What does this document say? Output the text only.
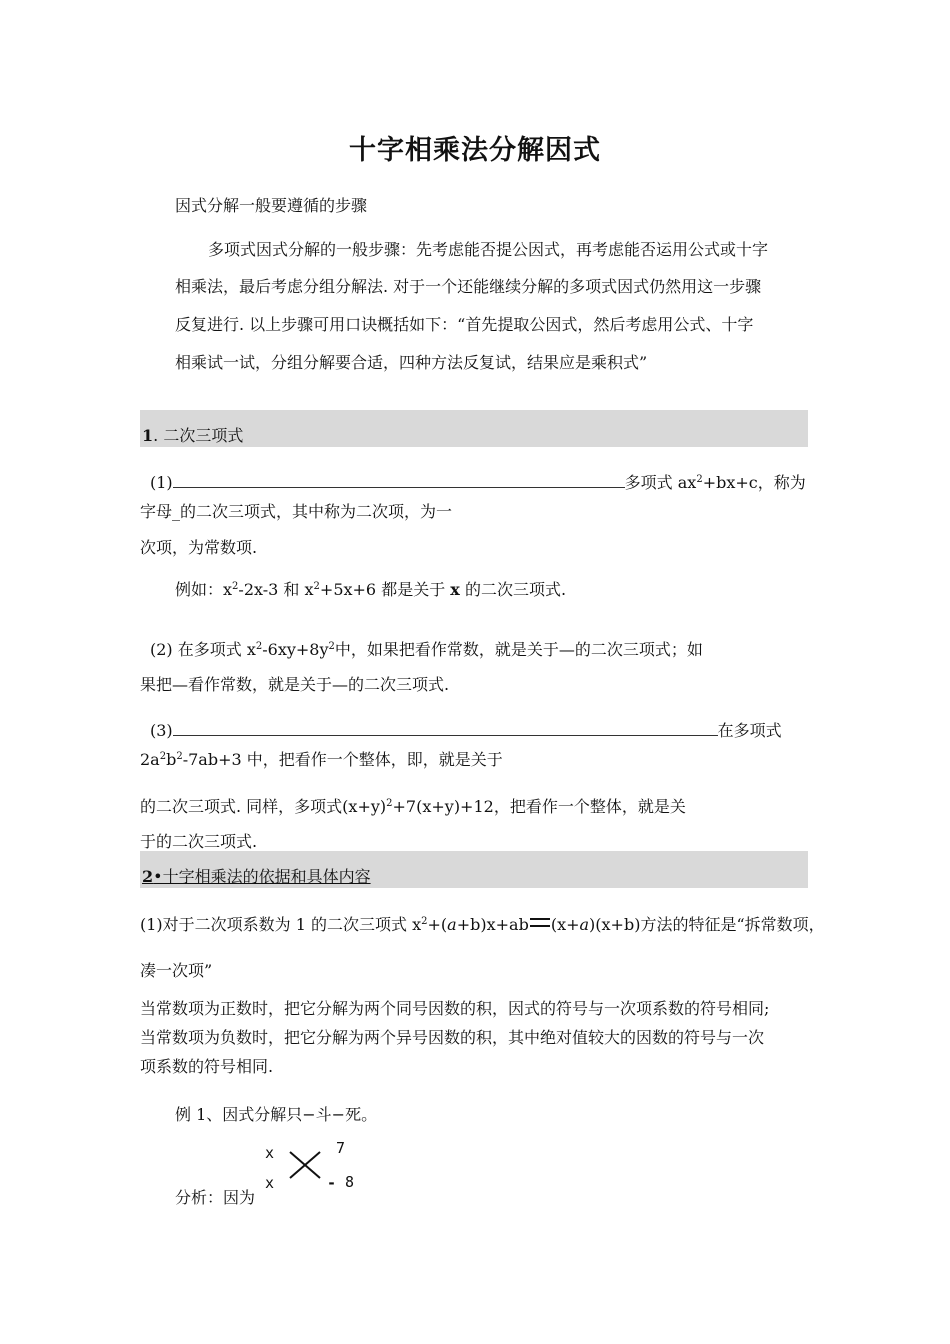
十字相乘法分解因式
因式分解一般要遵循的步骤
多项式因式分解的一般步骤：先考虑能否提公因式，再考虑能否运用公式或十字
相乘法，最后考虑分组分解法. 对于一个还能继续分解的多项式因式仍然用这一步骤
反复进行. 以上步骤可用口诀概括如下：“首先提取公因式，然后考虑用公式、十字
相乘试一试，分组分解要合适，四种方法反复试，结果应是乘积式”
1. 二次三项式
(1)	多项式 $ax^2+bx+c$，称为
字母_的二次三项式，其中称为二次项，为一
次项，为常数项.
例如：$x^2-2x-3$ 和 $x^2+5x+6$ 都是关于 x 的二次三项式.
(2) 在多项式 $x^2-6xy+8y^2$中，如果把看作常数，就是关于—的二次三项式；如
果把—看作常数，就是关于—的二次三项式.
(3)	在多项式
$2a^2b^2-7ab+3$ 中，把看作一个整体，即，就是关于
的二次三项式. 同样，多项式$(x+y)^2+7(x+y)+12$，把看作一个整体，就是关
于的二次三项式.
2•十字相乘法的依据和具体内容
(1)对于二次项系数为 1 的二次三项式 $x^2+(a+b)x+ab$ (x+a)(x+b)方法的特征是“拆常数项，
凑一次项”
当常数项为正数时，把它分解为两个同号因数的积，因式的符号与一次项系数的符号相同;
当常数项为负数时，把它分解为两个异号因数的积，其中绝对值较大的因数的符号与一次
项系数的符号相同.
例 1、因式分解只−斗−死。
分析：因为
x
x
7
- 8
